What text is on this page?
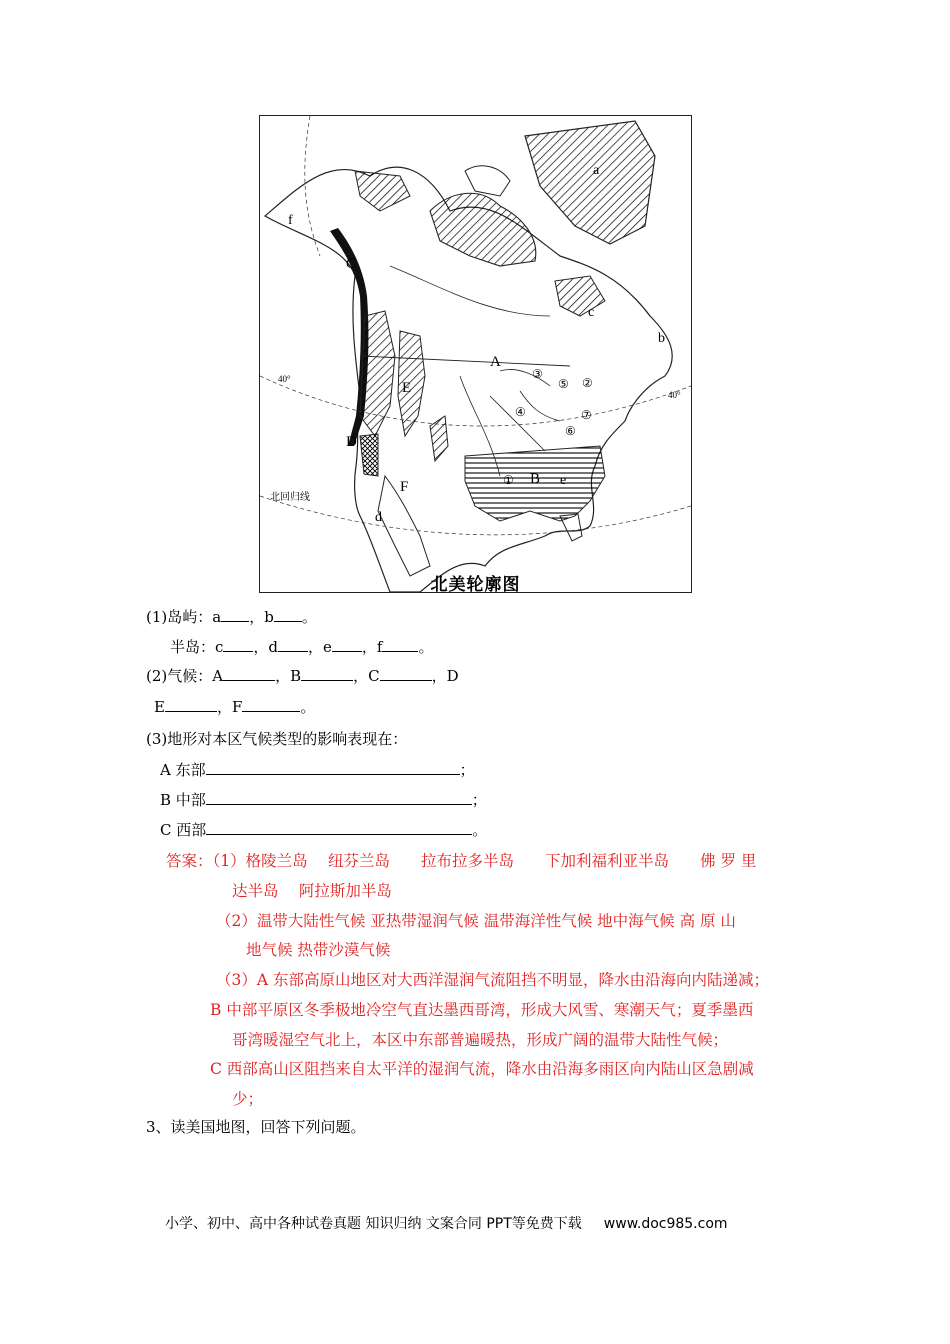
a
b
c
d
e
f
A
B
C
D
E
F	①
②
③
④
⑤
⑥
⑦
40°
40°
北回归线
北美轮廓图
(1)岛屿：a ，b 。
半岛：c ，d ，e ，f 。
(2)气候：A	，B	，C	，D
E	，F	。
(3)地形对本区气候类型的影响表现在：
A 东部	；
B 中部	；
C 西部	。
答案：（1）格陵兰岛　 纽芬兰岛　　拉布拉多半岛　　下加利福利亚半岛　　佛 罗 里
达半岛　 阿拉斯加半岛
（2）温带大陆性气候 亚热带湿润气候 温带海洋性气候 地中海气候 高 原 山
地气候 热带沙漠气候
（3）A 东部高原山地区对大西洋湿润气流阻挡不明显，降水由沿海向内陆递减；
B 中部平原区冬季极地冷空气直达墨西哥湾，形成大风雪、寒潮天气；夏季墨西
哥湾暖湿空气北上，本区中东部普遍暖热，形成广阔的温带大陆性气候；
C 西部高山区阻挡来自太平洋的湿润气流，降水由沿海多雨区向内陆山区急剧减
少；
3、读美国地图，回答下列问题。
小学、初中、高中各种试卷真题 知识归纳 文案合同 PPT等免费下载 www.doc985.com
